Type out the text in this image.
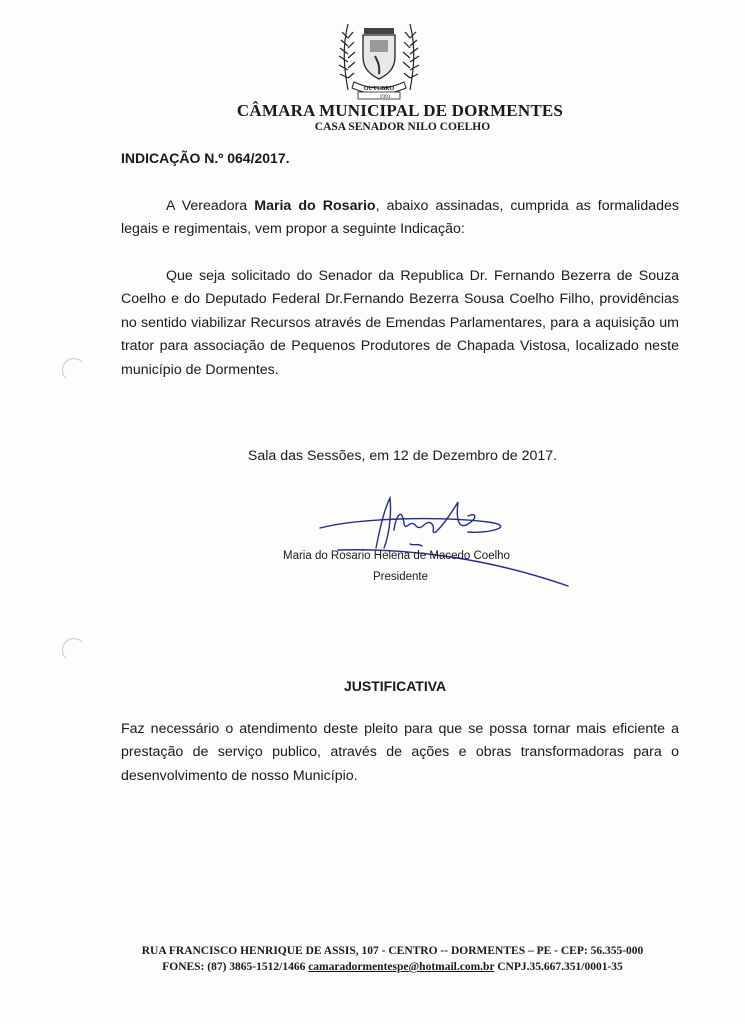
OUTUBRO
1991
CÂMARA MUNICIPAL DE DORMENTES
CASA SENADOR NILO COELHO
INDICAÇÃO N.º 064/2017.
A Vereadora Maria do Rosario, abaixo assinadas, cumprida as formalidades legais e regimentais, vem propor a seguinte Indicação:
Que seja solicitado do Senador da Republica Dr. Fernando Bezerra de Souza Coelho e do Deputado Federal Dr.Fernando Bezerra Sousa Coelho Filho, providências no sentido viabilizar Recursos através de Emendas Parlamentares, para a aquisição um trator para associação de Pequenos Produtores de Chapada Vistosa, localizado neste município de Dormentes.
Sala das Sessões, em 12 de Dezembro de 2017.
Maria do Rosario Helena de Macedo Coelho
Presidente
JUSTIFICATIVA
Faz necessário o atendimento deste pleito para que se possa tornar mais eficiente a prestação de serviço publico, através de ações e obras transformadoras para o desenvolvimento de nosso Município.
RUA FRANCISCO HENRIQUE DE ASSIS, 107 - CENTRO -- DORMENTES – PE - CEP: 56.355-000
FONES: (87) 3865-1512/1466 camaradormentespe@hotmail.com.br CNPJ.35.667.351/0001-35
